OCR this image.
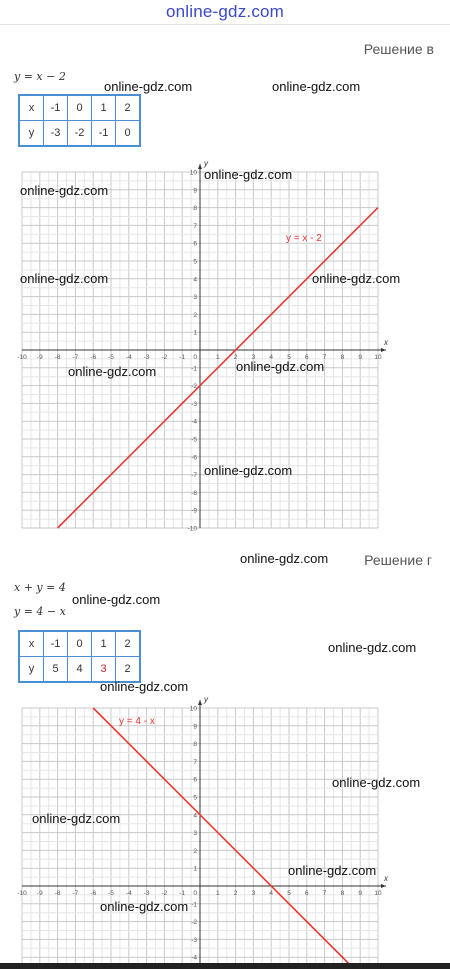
online-gdz.com
Решение в
y = x − 2
x	-1	0	1	2
y	-3	-2	-1	0
x
y
-10 -9 -8 -7 -6 -5 -4 -3 -2 -1	1 2 3 4 5 6 7 8 9 10
-10
-9
-8
-7
-6
-5
-4
-3
-2
-1
1
2
3
4
5
6
7
8
9
10
0
y = x - 2
Решение г
x + y = 4
y = 4 − x
x	-1	0	1	2
y	5	4	3	2
x
y
-10 -9 -8 -7 -6 -5 -4 -3 -2 -1	1 2 3 4 5 6 7 8 9 10
-4
-3
-2
-1
1
2
3
4
5
6
7
8
9
10
0
y = 4 - x
online-gdz.com	online-gdz.com
online-gdz.com
online-gdz.com
online-gdz.com	online-gdz.com
online-gdz.com
online-gdz.com
online-gdz.com
online-gdz.com
online-gdz.com
online-gdz.com
online-gdz.com
online-gdz.com
online-gdz.com
online-gdz.com
online-gdz.com
